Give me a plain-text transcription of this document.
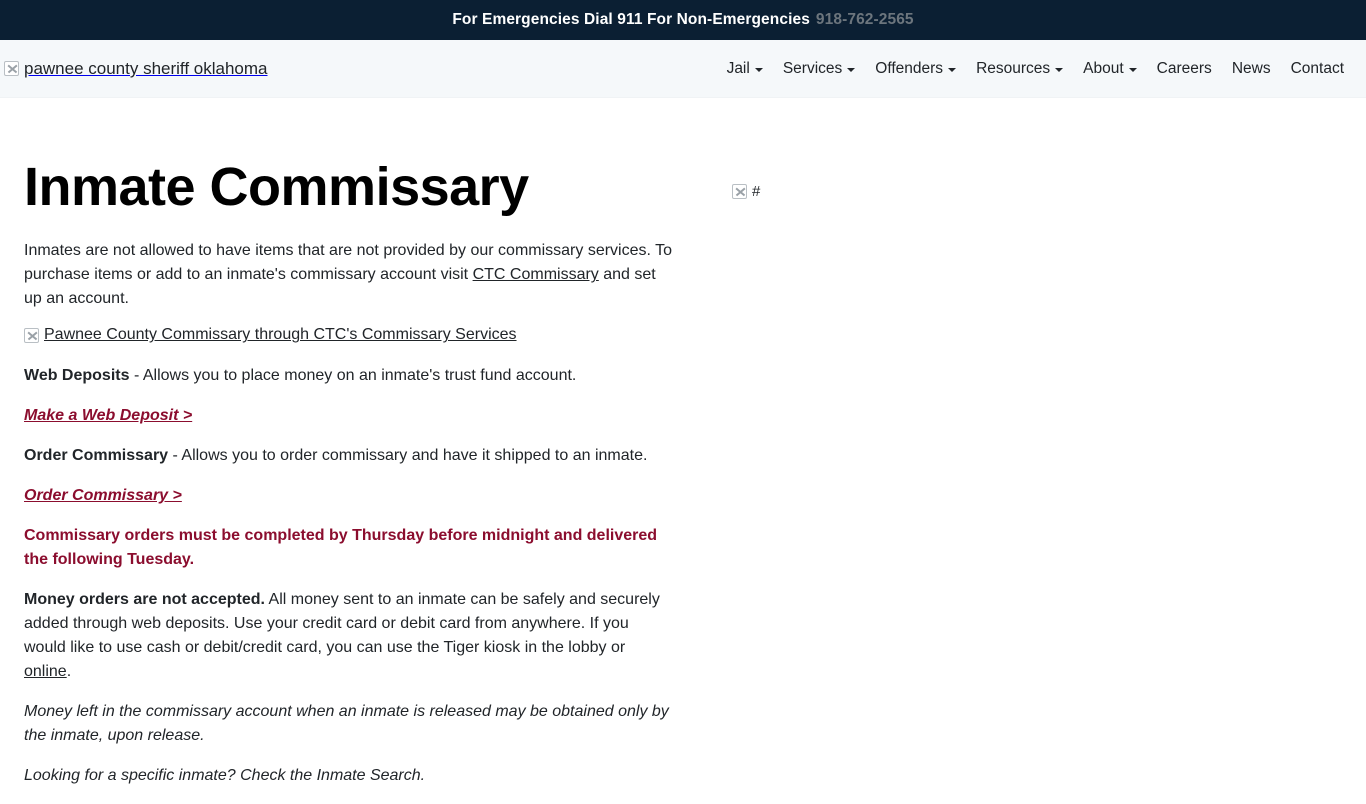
For Emergencies Dial 911 For Non-Emergencies 918-762-2565
pawnee county sheriff oklahoma	Jail Services Offenders Resources About	Careers	News	Contact
Inmate Commissary

Inmates are not allowed to have items that are not provided by our commissary services. To purchase items or add to an inmate's commissary account visit CTC Commissary and set up an account.

Pawnee County Commissary through CTC's Commissary Services

Web Deposits - Allows you to place money on an inmate's trust fund account.

Make a Web Deposit >

Order Commissary - Allows you to order commissary and have it shipped to an inmate.

Order Commissary >

Commissary orders must be completed by Thursday before midnight and delivered the following Tuesday.

Money orders are not accepted. All money sent to an inmate can be safely and securely added through web deposits. Use your credit card or debit card from anywhere. If you would like to use cash or debit/credit card, you can use the Tiger kiosk in the lobby or online.

Money left in the commissary account when an inmate is released may be obtained only by the inmate, upon release.

Looking for a specific inmate? Check the Inmate Search.

#
